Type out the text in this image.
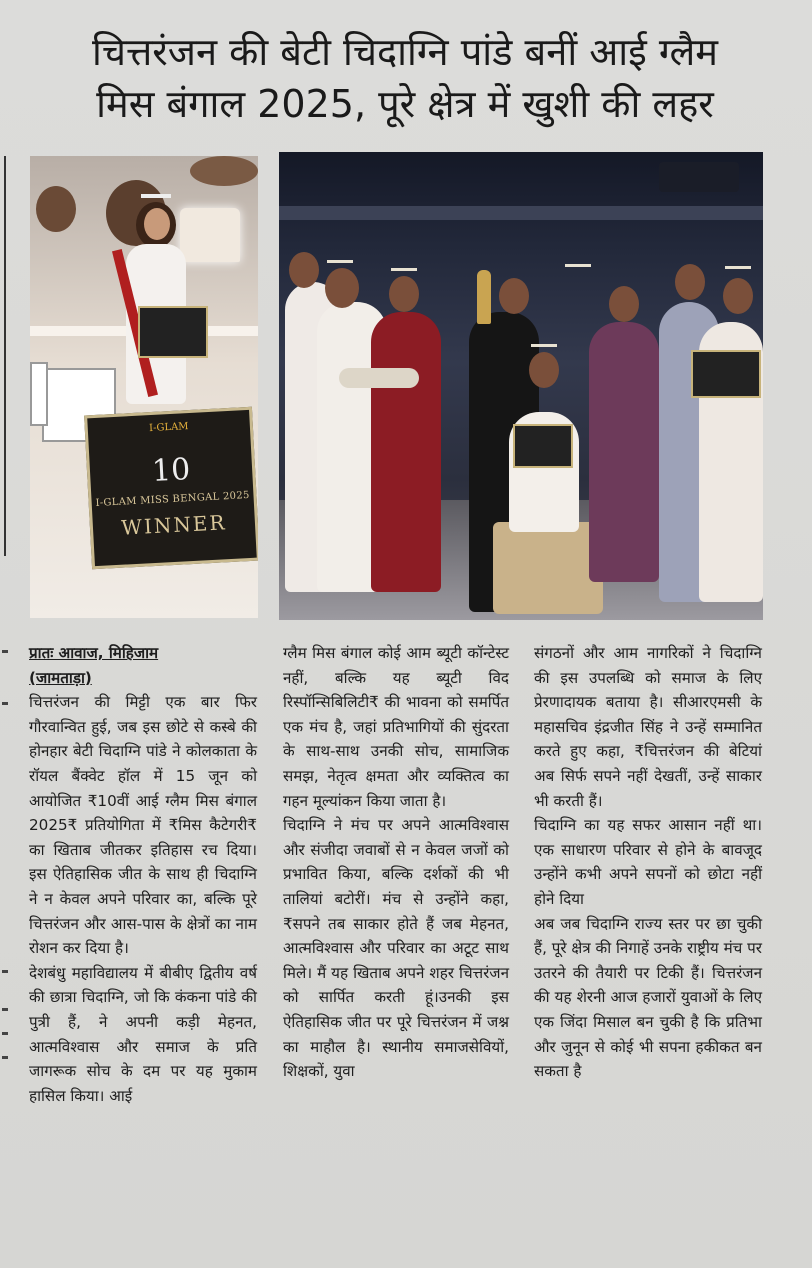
चित्तरंजन की बेटी चिदाग्नि पांडे बनीं आई ग्लैम
मिस बंगाल 2025, पूरे क्षेत्र में खुशी की लहर
I-GLAM
10
I-GLAM MISS BENGAL 2025
WINNER

प्रातः आवाज, मिहिजाम
(जामताड़ा)

चित्तरंजन की मिट्टी एक बार फिर गौरवान्वित हुई, जब इस छोटे से कस्बे की होनहार बेटी चिदाग्नि पांडे ने कोलकाता के रॉयल बैंक्वेट हॉल में 15 जून को आयोजित ₹10वीं आई ग्लैम मिस बंगाल 2025₹ प्रतियोगिता में ₹मिस कैटेगरी₹ का खिताब जीतकर इतिहास रच दिया। इस ऐतिहासिक जीत के साथ ही चिदाग्नि ने न केवल अपने परिवार का, बल्कि पूरे चित्तरंजन और आस-पास के क्षेत्रों का नाम रोशन कर दिया है।

देशबंधु महाविद्यालय में बीबीए द्वितीय वर्ष की छात्रा चिदाग्नि, जो कि कंकना पांडे की पुत्री हैं, ने अपनी कड़ी मेहनत, आत्मविश्वास और समाज के प्रति जागरूक सोच के दम पर यह मुकाम हासिल किया। आई

ग्लैम मिस बंगाल कोई आम ब्यूटी कॉन्टेस्ट नहीं, बल्कि यह ब्यूटी विद रिस्पॉन्सिबिलिटी₹ की भावना को समर्पित एक मंच है, जहां प्रतिभागियों की सुंदरता के साथ-साथ उनकी सोच, सामाजिक समझ, नेतृत्व क्षमता और व्यक्तित्व का गहन मूल्यांकन किया जाता है।

चिदाग्नि ने मंच पर अपने आत्मविश्वास और संजीदा जवाबों से न केवल जजों को प्रभावित किया, बल्कि दर्शकों की भी तालियां बटोरीं। मंच से उन्होंने कहा, ₹सपने तब साकार होते हैं जब मेहनत, आत्मविश्वास और परिवार का अटूट साथ मिले। मैं यह खिताब अपने शहर चित्तरंजन को सार्पित करती हूं।उनकी इस ऐतिहासिक जीत पर पूरे चित्तरंजन में जश्न का माहौल है। स्थानीय समाजसेवियों, शिक्षकों, युवा

संगठनों और आम नागरिकों ने चिदाग्नि की इस उपलब्धि को समाज के लिए प्रेरणादायक बताया है। सीआरएमसी के महासचिव इंद्रजीत सिंह ने उन्हें सम्मानित करते हुए कहा, ₹चित्तरंजन की बेटियां अब सिर्फ सपने नहीं देखतीं, उन्हें साकार भी करती हैं।

चिदाग्नि का यह सफर आसान नहीं था। एक साधारण परिवार से होने के बावजूद उन्होंने कभी अपने सपनों को छोटा नहीं होने दिया

अब जब चिदाग्नि राज्य स्तर पर छा चुकी हैं, पूरे क्षेत्र की निगाहें उनके राष्ट्रीय मंच पर उतरने की तैयारी पर टिकी हैं। चित्तरंजन की यह शेरनी आज हजारों युवाओं के लिए एक जिंदा मिसाल बन चुकी है कि प्रतिभा और जुनून से कोई भी सपना हकीकत बन सकता है
